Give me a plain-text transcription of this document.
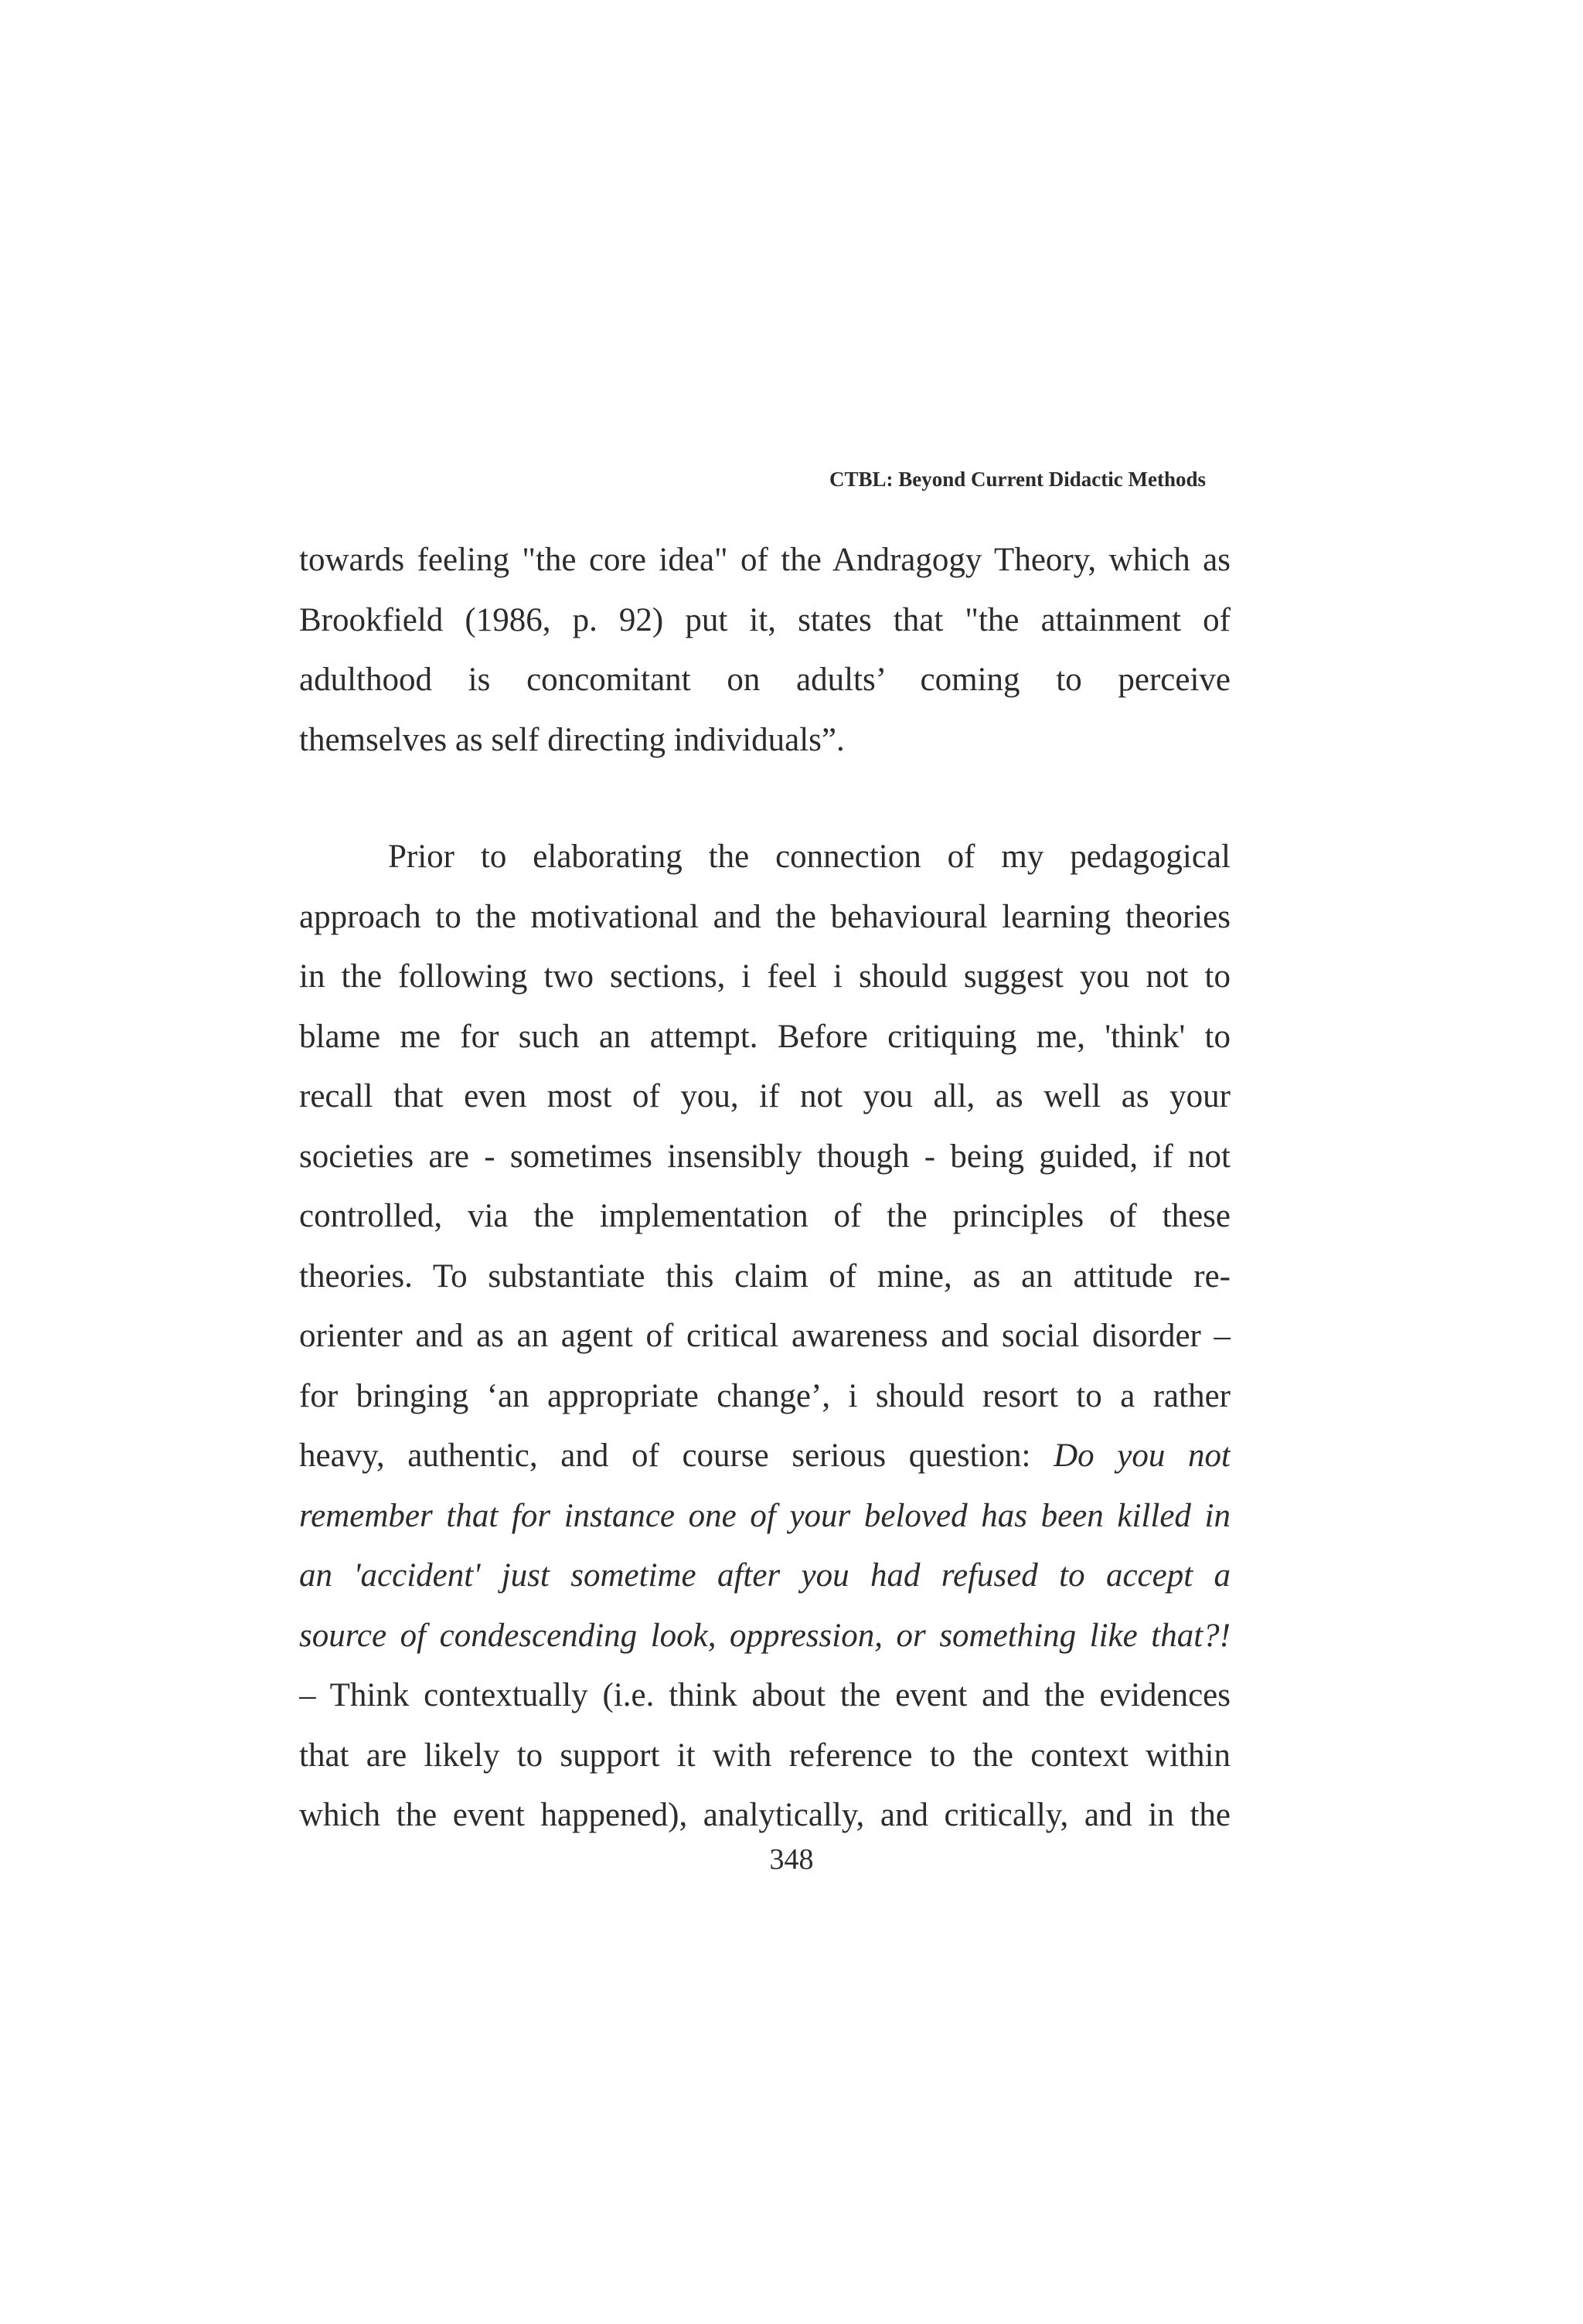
CTBL: Beyond Current Didactic Methods
towards feeling "the core idea" of the Andragogy Theory, which as
Brookfield (1986, p. 92) put it, states that "the attainment of
adulthood is concomitant on adults’ coming to perceive
themselves as self directing individuals”.
Prior to elaborating the connection of my pedagogical
approach to the motivational and the behavioural learning theories
in the following two sections, i feel i should suggest you not to
blame me for such an attempt. Before critiquing me, 'think' to
recall that even most of you, if not you all, as well as your
societies are - sometimes insensibly though - being guided, if not
controlled, via the implementation of the principles of these
theories. To substantiate this claim of mine, as an attitude re-
orienter and as an agent of critical awareness and social disorder –
for bringing ‘an appropriate change’, i should resort to a rather
heavy, authentic, and of course serious question: Do you not
remember that for instance one of your beloved has been killed in
an 'accident' just sometime after you had refused to accept a
source of condescending look, oppression, or something like that?!
– Think contextually (i.e. think about the event and the evidences
that are likely to support it with reference to the context within
which the event happened), analytically, and critically, and in the
348
